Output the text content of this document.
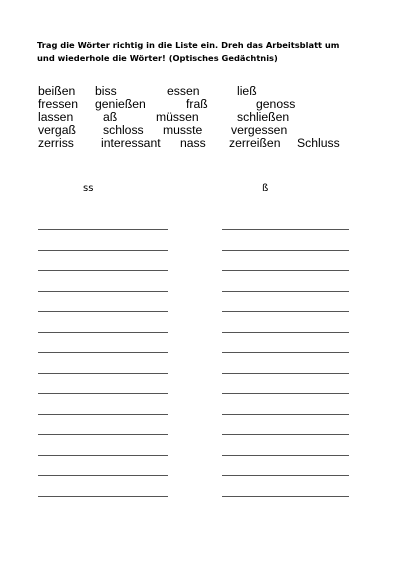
Trag die Wörter richtig in die Liste ein. Dreh das Arbeitsblatt um
und wiederhole die Wörter! (Optisches Gedächtnis)
beißen biss	essen	ließ
fressen genießen	fraß	genoss
lassen aß	müssen	schließen
vergaß schloss musste vergessen
zerriss interessant nass zerreißen Schluss
ss	ß
